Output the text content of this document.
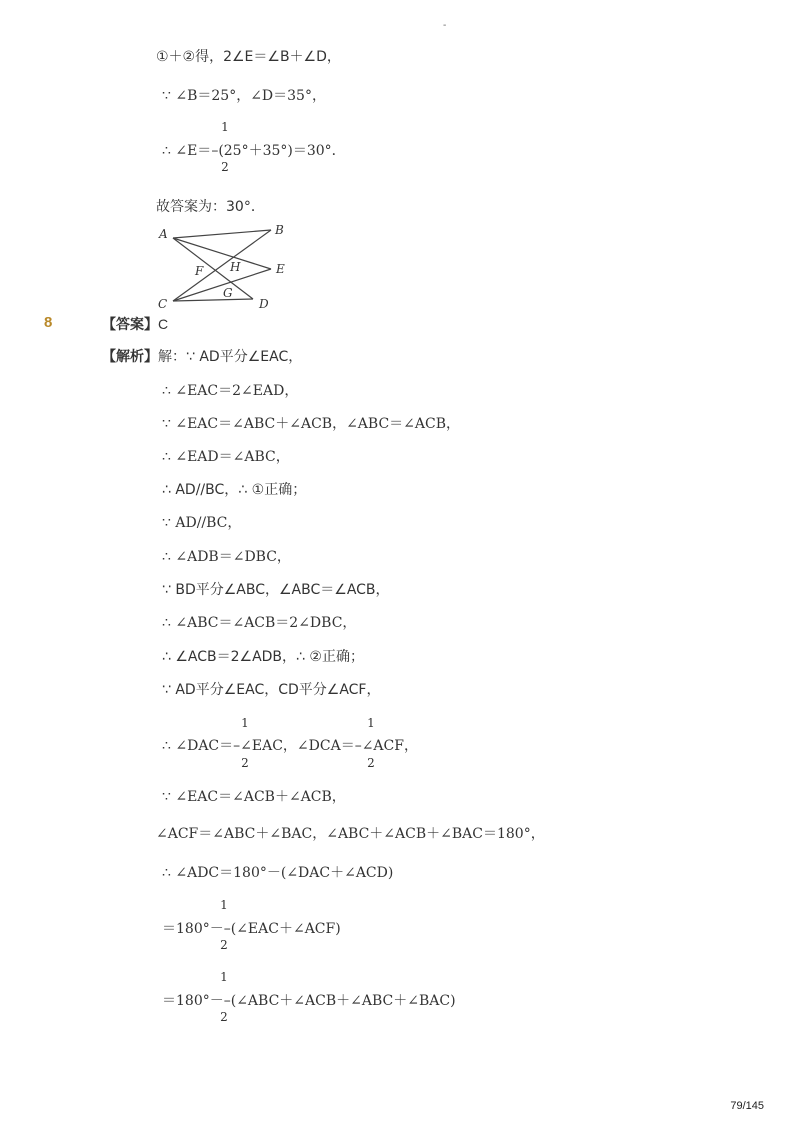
-
①＋②得，2∠E＝∠B＋∠D，
∵ ∠B＝25°，∠D＝35°，
1
∴ ∠E＝–(25°＋35°)＝30°．
2
故答案为：30°．
A	B
C	D
E
F
G
H
8	【答案】C
【解析】解：∵ AD平分∠EAC，
∴ ∠EAC＝2∠EAD，
∵ ∠EAC＝∠ABC＋∠ACB，∠ABC＝∠ACB，
∴ ∠EAD＝∠ABC，
∴ AD//BC，∴ ①正确；
∵ AD//BC，
∴ ∠ADB＝∠DBC，
∵ BD平分∠ABC，∠ABC＝∠ACB，
∴ ∠ABC＝∠ACB＝2∠DBC，
∴ ∠ACB＝2∠ADB，∴ ②正确；
∵ AD平分∠EAC，CD平分∠ACF，
1	1
∴ ∠DAC＝–∠EAC，∠DCA＝–∠ACF，
2	2
∵ ∠EAC＝∠ACB＋∠ACB，
∠ACF＝∠ABC＋∠BAC，∠ABC＋∠ACB＋∠BAC＝180°，
∴ ∠ADC＝180°－(∠DAC＋∠ACD)
1
＝180°－–(∠EAC＋∠ACF)
2
1
＝180°－–(∠ABC＋∠ACB＋∠ABC＋∠BAC)
2
79/145
